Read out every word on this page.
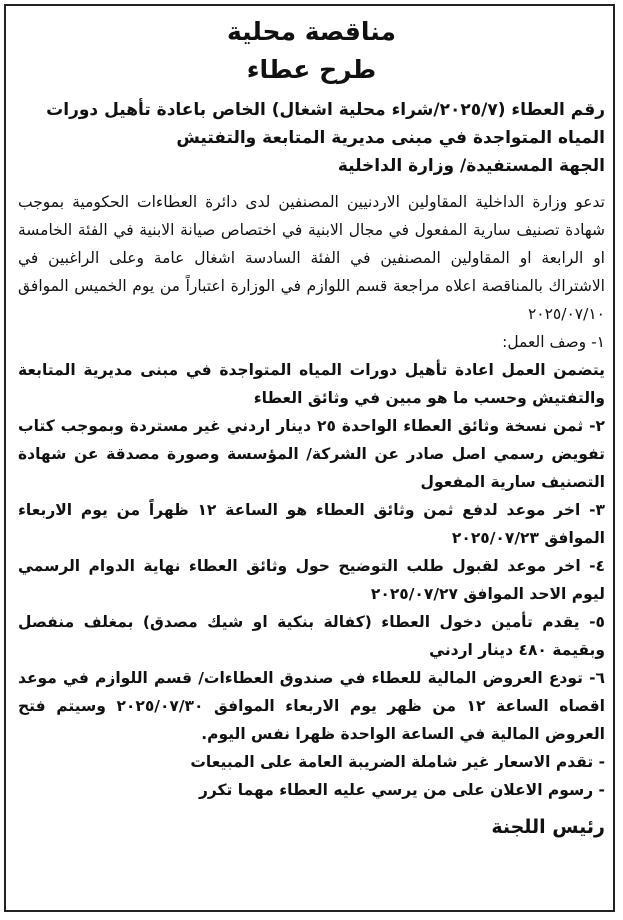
مناقصة محلية
طرح عطاء
رقم العطاء (٢٠٢٥/٧/شراء محلية اشغال) الخاص باعادة تأهيل دورات
المياه المتواجدة في مبنى مديرية المتابعة والتفتيش
الجهة المستفيدة/ وزارة الداخلية

تدعو وزارة الداخلية المقاولين الاردنيين المصنفين لدى دائرة العطاءات الحكومية بموجب شهادة تصنيف سارية المفعول في مجال الابنية في اختصاص صيانة الابنية في الفئة الخامسة او الرابعة او المقاولين المصنفين في الفئة السادسة اشغال عامة وعلى الراغبين في الاشتراك بالمناقصة اعلاه مراجعة قسم اللوازم في الوزارة اعتباراً من يوم الخميس الموافق ٢٠٢٥/٠٧/١٠

١- وصف العمل:

يتضمن العمل اعادة تأهيل دورات المياه المتواجدة في مبنى مديرية المتابعة والتفتيش وحسب ما هو مبين في وثائق العطاء

٢- ثمن نسخة وثائق العطاء الواحدة ٢٥ دينار اردني غير مستردة وبموجب كتاب تفويض رسمي اصل صادر عن الشركة/ المؤسسة وصورة مصدقة عن شهادة التصنيف سارية المفعول

٣- اخر موعد لدفع ثمن وثائق العطاء هو الساعة ١٢ ظهراً من يوم الاربعاء الموافق ٢٠٢٥/٠٧/٢٣

٤- اخر موعد لقبول طلب التوضيح حول وثائق العطاء نهاية الدوام الرسمي ليوم الاحد الموافق ٢٠٢٥/٠٧/٢٧

٥- يقدم تأمين دخول العطاء (كفالة بنكية او شيك مصدق) بمغلف منفصل وبقيمة ٤٨٠ دينار اردني

٦- تودع العروض المالية للعطاء في صندوق العطاءات/ قسم اللوازم في موعد اقصاه الساعة ١٢ من ظهر يوم الاربعاء الموافق ٢٠٢٥/٠٧/٣٠ وسيتم فتح العروض المالية في الساعة الواحدة ظهرا نفس اليوم.

- تقدم الاسعار غير شاملة الضريبة العامة على المبيعات

- رسوم الاعلان على من يرسي عليه العطاء مهما تكرر

رئيس اللجنة
